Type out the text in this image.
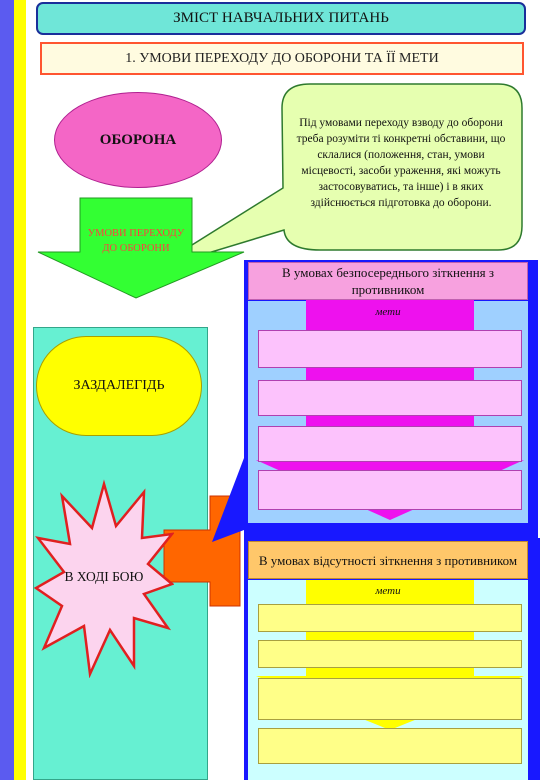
ЗМІСТ НАВЧАЛЬНИХ ПИТАНЬ
1. УМОВИ ПЕРЕХОДУ ДО ОБОРОНИ ТА ЇЇ МЕТИ
ОБОРОНА
Під умовами переходу взводу до оборони треба розуміти ті конкретні обставини, що склалися (положення, стан, умови місцевості, засоби ураження, які можуть застосовуватись, та інше) і в яких здійснюється підготовка до оборони.
УМОВИ ПЕРЕХОДУ ДО ОБОРОНИ
ЗАЗДАЛЕГІДЬ
В умовах безпосереднього зіткнення з противником
мети
В умовах відсутності зіткнення з противником
мети
В ХОДІ БОЮ
